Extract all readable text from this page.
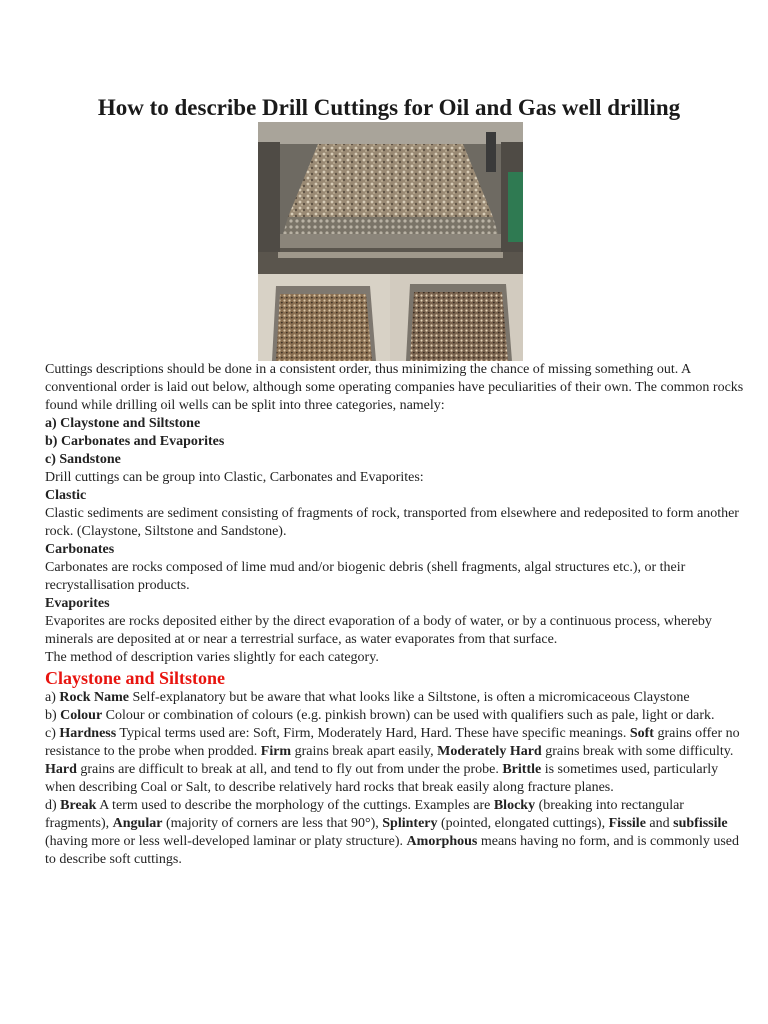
How to describe Drill Cuttings for Oil and Gas well drilling

Cuttings descriptions should be done in a consistent order, thus minimizing the chance of missing something out. A conventional order is laid out below, although some operating companies have peculiarities of their own. The common rocks found while drilling oil wells can be split into three categories, namely:

a) Claystone and Siltstone

b) Carbonates and Evaporites

c) Sandstone

Drill cuttings can be group into Clastic, Carbonates and Evaporites:

Clastic

Clastic sediments are sediment consisting of fragments of rock, transported from elsewhere and redeposited to form another rock. (Claystone, Siltstone and Sandstone).

Carbonates

Carbonates are rocks composed of lime mud and/or biogenic debris (shell fragments, algal structures etc.), or their recrystallisation products.

Evaporites

Evaporites are rocks deposited either by the direct evaporation of a body of water, or by a continuous process, whereby minerals are deposited at or near a terrestrial surface, as water evaporates from that surface.

The method of description varies slightly for each category.

Claystone and Siltstone

a) Rock Name Self-explanatory but be aware that what looks like a Siltstone, is often a micromicaceous Claystone

b) Colour Colour or combination of colours (e.g. pinkish brown) can be used with qualifiers such as pale, light or dark.

c) Hardness Typical terms used are: Soft, Firm, Moderately Hard, Hard. These have specific meanings. Soft grains offer no resistance to the probe when prodded. Firm grains break apart easily, Moderately Hard grains break with some difficulty. Hard grains are difficult to break at all, and tend to fly out from under the probe. Brittle is sometimes used, particularly when describing Coal or Salt, to describe relatively hard rocks that break easily along fracture planes.

d) Break A term used to describe the morphology of the cuttings. Examples are Blocky (breaking into rectangular fragments), Angular (majority of corners are less that 90°), Splintery (pointed, elongated cuttings), Fissile and subfissile (having more or less well-developed laminar or platy structure). Amorphous means having no form, and is commonly used to describe soft cuttings.
